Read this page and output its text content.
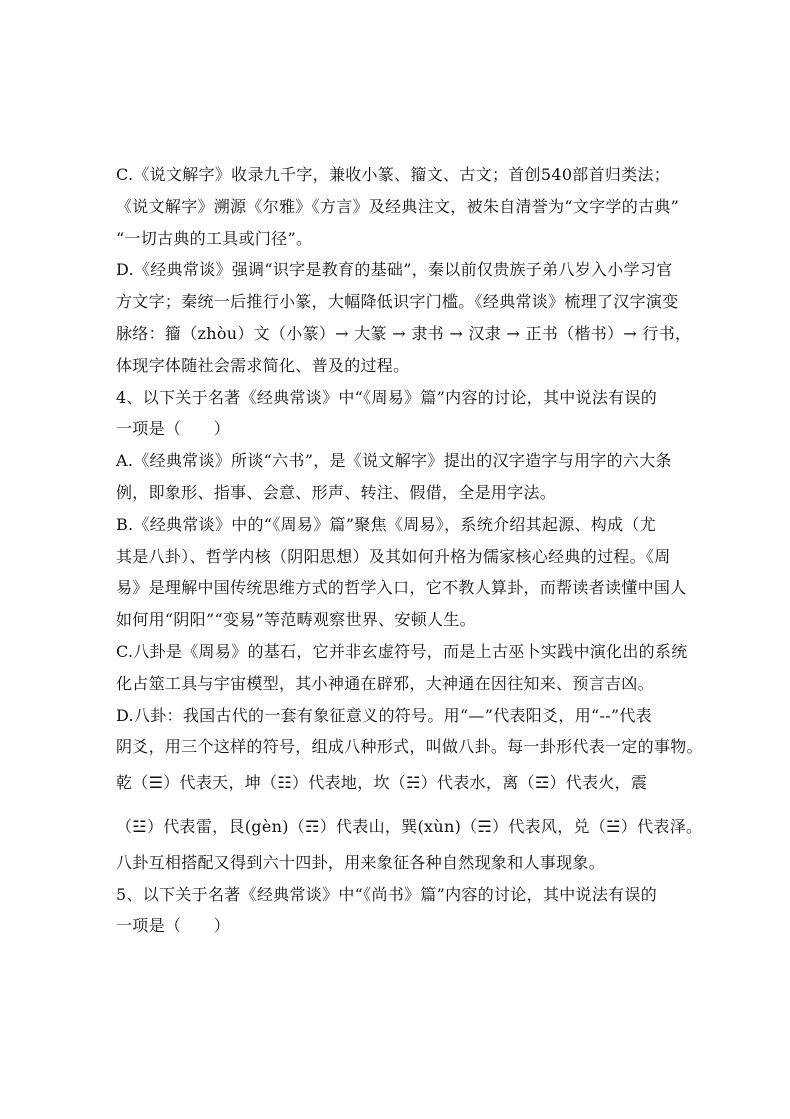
C.《说文解字》收录九千字，兼收小篆、籀文、古文；首创540部首归类法；
《说文解字》溯源《尔雅》《方言》及经典注文，被朱自清誉为“文字学的古典”
“一切古典的工具或门径”。
D.《经典常谈》强调“识字是教育的基础”，秦以前仅贵族子弟八岁入小学习官
方文字；秦统一后推行小篆，大幅降低识字门槛。《经典常谈》梳理了汉字演变
脉络：籀（zhòu）文（小篆）→ 大篆 → 隶书 → 汉隶 → 正书（楷书）→ 行书，
体现字体随社会需求简化、普及的过程。
4、以下关于名著《经典常谈》中“《周易》篇”内容的讨论，其中说法有误的
一项是（　　）
A.《经典常谈》所谈“六书”，是《说文解字》提出的汉字造字与用字的六大条
例，即象形、指事、会意、形声、转注、假借，全是用字法。
B.《经典常谈》中的“《周易》篇”聚焦《周易》，系统介绍其起源、构成（尤
其是八卦）、哲学内核（阴阳思想）及其如何升格为儒家核心经典的过程。《周
易》是理解中国传统思维方式的哲学入口，它不教人算卦，而帮读者读懂中国人
如何用“阴阳”“变易”等范畴观察世界、安顿人生。
C.八卦是《周易》的基石，它并非玄虚符号，而是上古巫卜实践中演化出的系统
化占筮工具与宇宙模型，其小神通在辟邪，大神通在因往知来、预言吉凶。
D.八卦：我国古代的一套有象征意义的符号。用“—”代表阳爻，用“--”代表
阴爻，用三个这样的符号，组成八种形式，叫做八卦。每一卦形代表一定的事物。
乾（☰）代表天，坤（☷）代表地，坎（☵）代表水，离（☲）代表火，震
（☳）代表雷，艮(gèn)（☶）代表山，巽(xùn)（☴）代表风，兑（☱）代表泽。
八卦互相搭配又得到六十四卦，用来象征各种自然现象和人事现象。
5、以下关于名著《经典常谈》中“《尚书》篇”内容的讨论，其中说法有误的
一项是（　　）
